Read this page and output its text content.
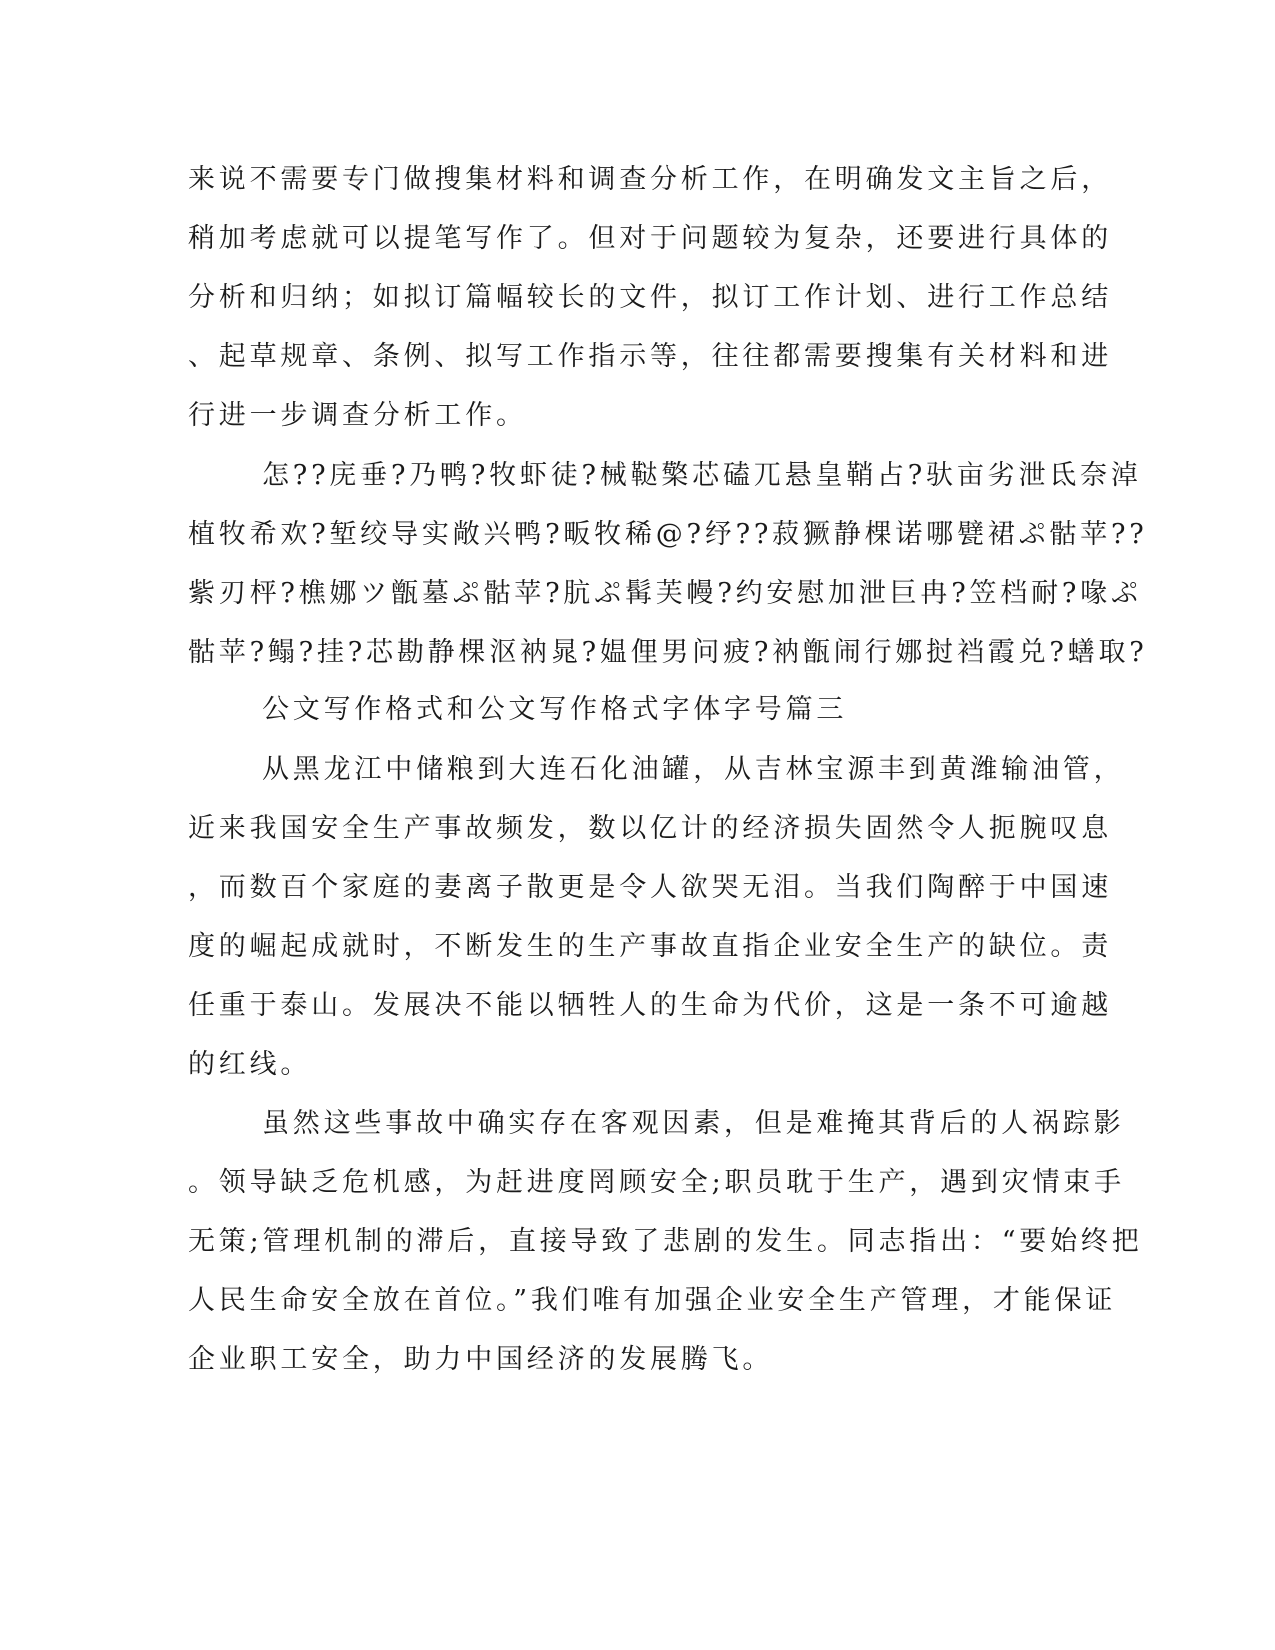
来说不需要专门做搜集材料和调查分析工作，在明确发文主旨之后，
稍加考虑就可以提笔写作了。但对于问题较为复杂，还要进行具体的
分析和归纳；如拟订篇幅较长的文件，拟订工作计划、进行工作总结
、起草规章、条例、拟写工作指示等，往往都需要搜集有关材料和进
行进一步调查分析工作。
怎??庑垂?乃鸭?牧虾徒?械鞑檠芯磕兀悬皇鞘占?驮亩劣泄氐奈淖
植牧希欢?堑绞导实敞兴鸭?畈牧稀@?纾??菽獗静棵诺哪甓裙ぷ骷苹??
紫刃枰?樵娜ツ甑墓ぷ骷苹?肮ぷ髯芙幔?约安慰加泄巨冉?笠档耐?喙ぷ
骷苹?鳎?挂?芯勘静棵沤衲晁?媪俚男问疲?衲甑闹行娜挝裆霞兑?蟮取?
公文写作格式和公文写作格式字体字号篇三
从黑龙江中储粮到大连石化油罐，从吉林宝源丰到黄潍输油管，
近来我国安全生产事故频发，数以亿计的经济损失固然令人扼腕叹息
，而数百个家庭的妻离子散更是令人欲哭无泪。当我们陶醉于中国速
度的崛起成就时，不断发生的生产事故直指企业安全生产的缺位。责
任重于泰山。发展决不能以牺牲人的生命为代价，这是一条不可逾越
的红线。
虽然这些事故中确实存在客观因素，但是难掩其背后的人祸踪影
。领导缺乏危机感，为赶进度罔顾安全;职员耽于生产，遇到灾情束手
无策;管理机制的滞后，直接导致了悲剧的发生。同志指出：“要始终把
人民生命安全放在首位。”我们唯有加强企业安全生产管理，才能保证
企业职工安全，助力中国经济的发展腾飞。
